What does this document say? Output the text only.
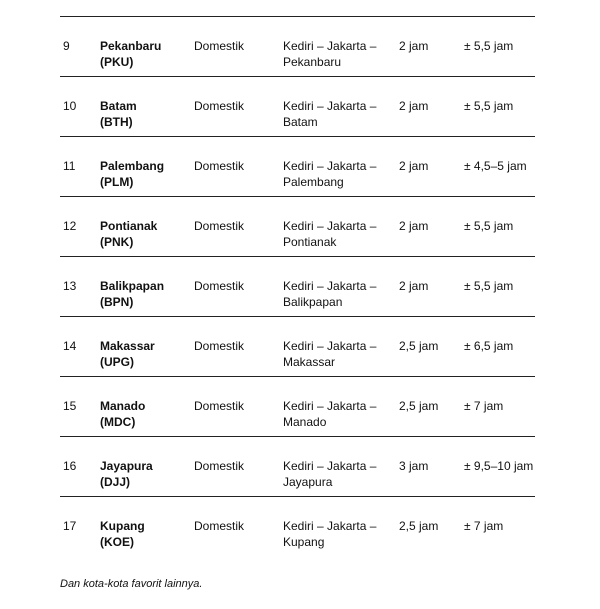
9	Pekanbaru
(PKU)
Domestik	Kediri – Jakarta –
Pekanbaru
2 jam	± 5,5 jam
10	Batam
(BTH)
Domestik	Kediri – Jakarta –
Batam
2 jam	± 5,5 jam
11	Palembang
(PLM)
Domestik	Kediri – Jakarta –
Palembang
2 jam	± 4,5–5 jam
12	Pontianak
(PNK)
Domestik	Kediri – Jakarta –
Pontianak
2 jam	± 5,5 jam
13	Balikpapan
(BPN)
Domestik	Kediri – Jakarta –
Balikpapan
2 jam	± 5,5 jam
14	Makassar
(UPG)
Domestik	Kediri – Jakarta –
Makassar
2,5 jam ± 6,5 jam
15	Manado
(MDC)
Domestik	Kediri – Jakarta –
Manado
2,5 jam ± 7 jam
16	Jayapura
(DJJ)
Domestik	Kediri – Jakarta –
Jayapura
3 jam	± 9,5–10 jam
17	Kupang
(KOE)
Domestik	Kediri – Jakarta –
Kupang
2,5 jam ± 7 jam
Dan kota-kota favorit lainnya.
